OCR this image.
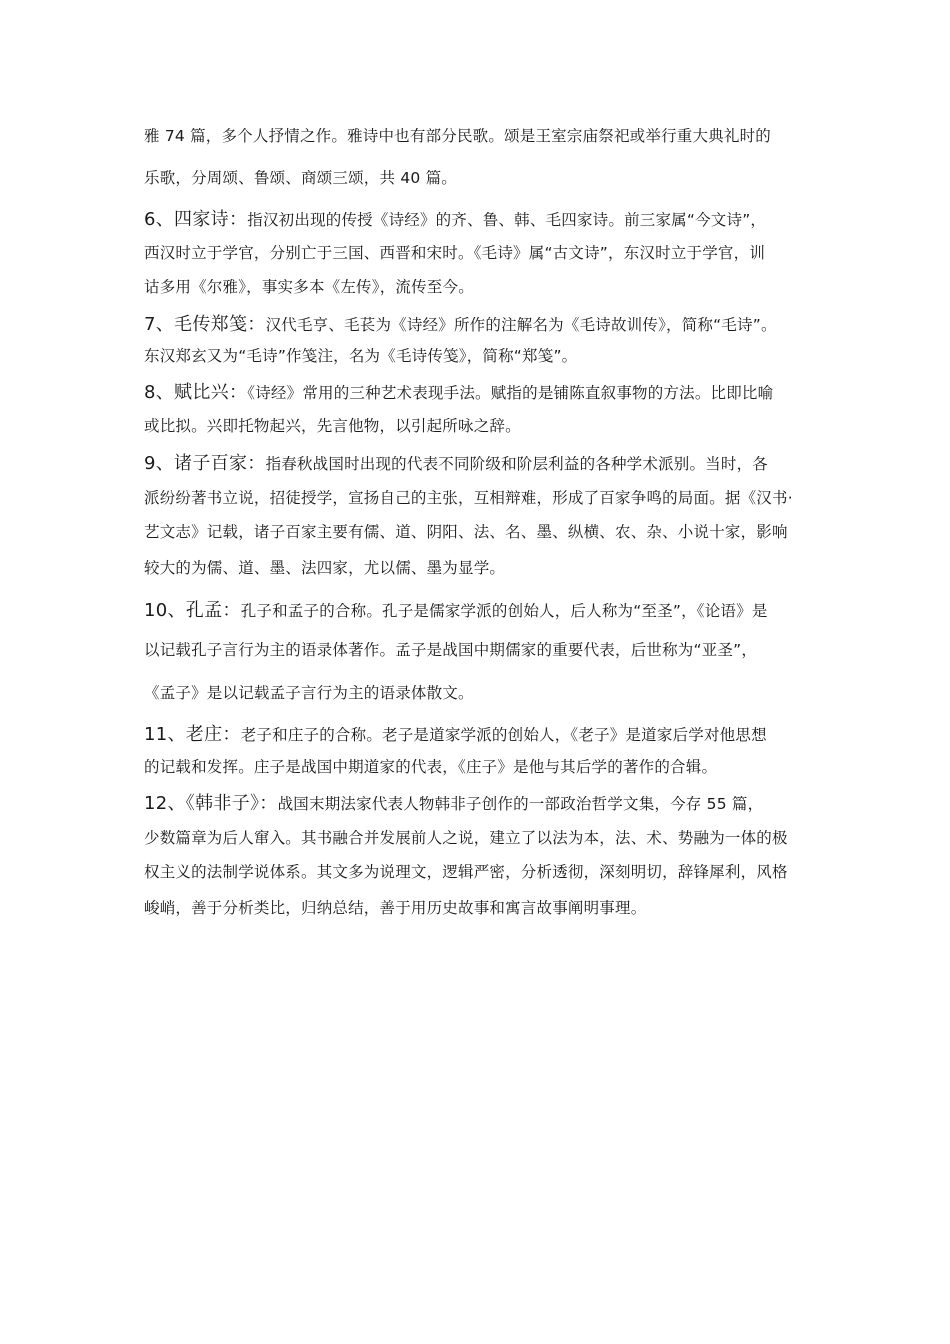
雅 74 篇，多个人抒情之作。雅诗中也有部分民歌。颂是王室宗庙祭祀或举行重大典礼时的
乐歌，分周颂、鲁颂、商颂三颂，共 40 篇。
6、四家诗：指汉初出现的传授《诗经》的齐、鲁、韩、毛四家诗。前三家属“今文诗”，
西汉时立于学官，分别亡于三国、西晋和宋时。《毛诗》属“古文诗”，东汉时立于学官，训
诂多用《尔雅》，事实多本《左传》，流传至今。
7、毛传郑笺：汉代毛亨、毛苌为《诗经》所作的注解名为《毛诗故训传》，简称“毛诗”。
东汉郑玄又为“毛诗”作笺注，名为《毛诗传笺》，简称“郑笺”。
8、赋比兴：《诗经》常用的三种艺术表现手法。赋指的是铺陈直叙事物的方法。比即比喻
或比拟。兴即托物起兴，先言他物，以引起所咏之辞。
9、诸子百家：指春秋战国时出现的代表不同阶级和阶层利益的各种学术派别。当时，各
派纷纷著书立说，招徒授学，宣扬自己的主张，互相辩难，形成了百家争鸣的局面。据《汉书·
艺文志》记载，诸子百家主要有儒、道、阴阳、法、名、墨、纵横、农、杂、小说十家，影响
较大的为儒、道、墨、法四家，尤以儒、墨为显学。
10、孔孟：孔子和孟子的合称。孔子是儒家学派的创始人，后人称为“至圣”，《论语》是
以记载孔子言行为主的语录体著作。孟子是战国中期儒家的重要代表，后世称为“亚圣”，
《孟子》是以记载孟子言行为主的语录体散文。
11、老庄：老子和庄子的合称。老子是道家学派的创始人，《老子》是道家后学对他思想
的记载和发挥。庄子是战国中期道家的代表，《庄子》是他与其后学的著作的合辑。
12、《韩非子》：战国末期法家代表人物韩非子创作的一部政治哲学文集，今存 55 篇，
少数篇章为后人窜入。其书融合并发展前人之说，建立了以法为本，法、术、势融为一体的极
权主义的法制学说体系。其文多为说理文，逻辑严密，分析透彻，深刻明切，辞锋犀利，风格
峻峭，善于分析类比，归纳总结，善于用历史故事和寓言故事阐明事理。
